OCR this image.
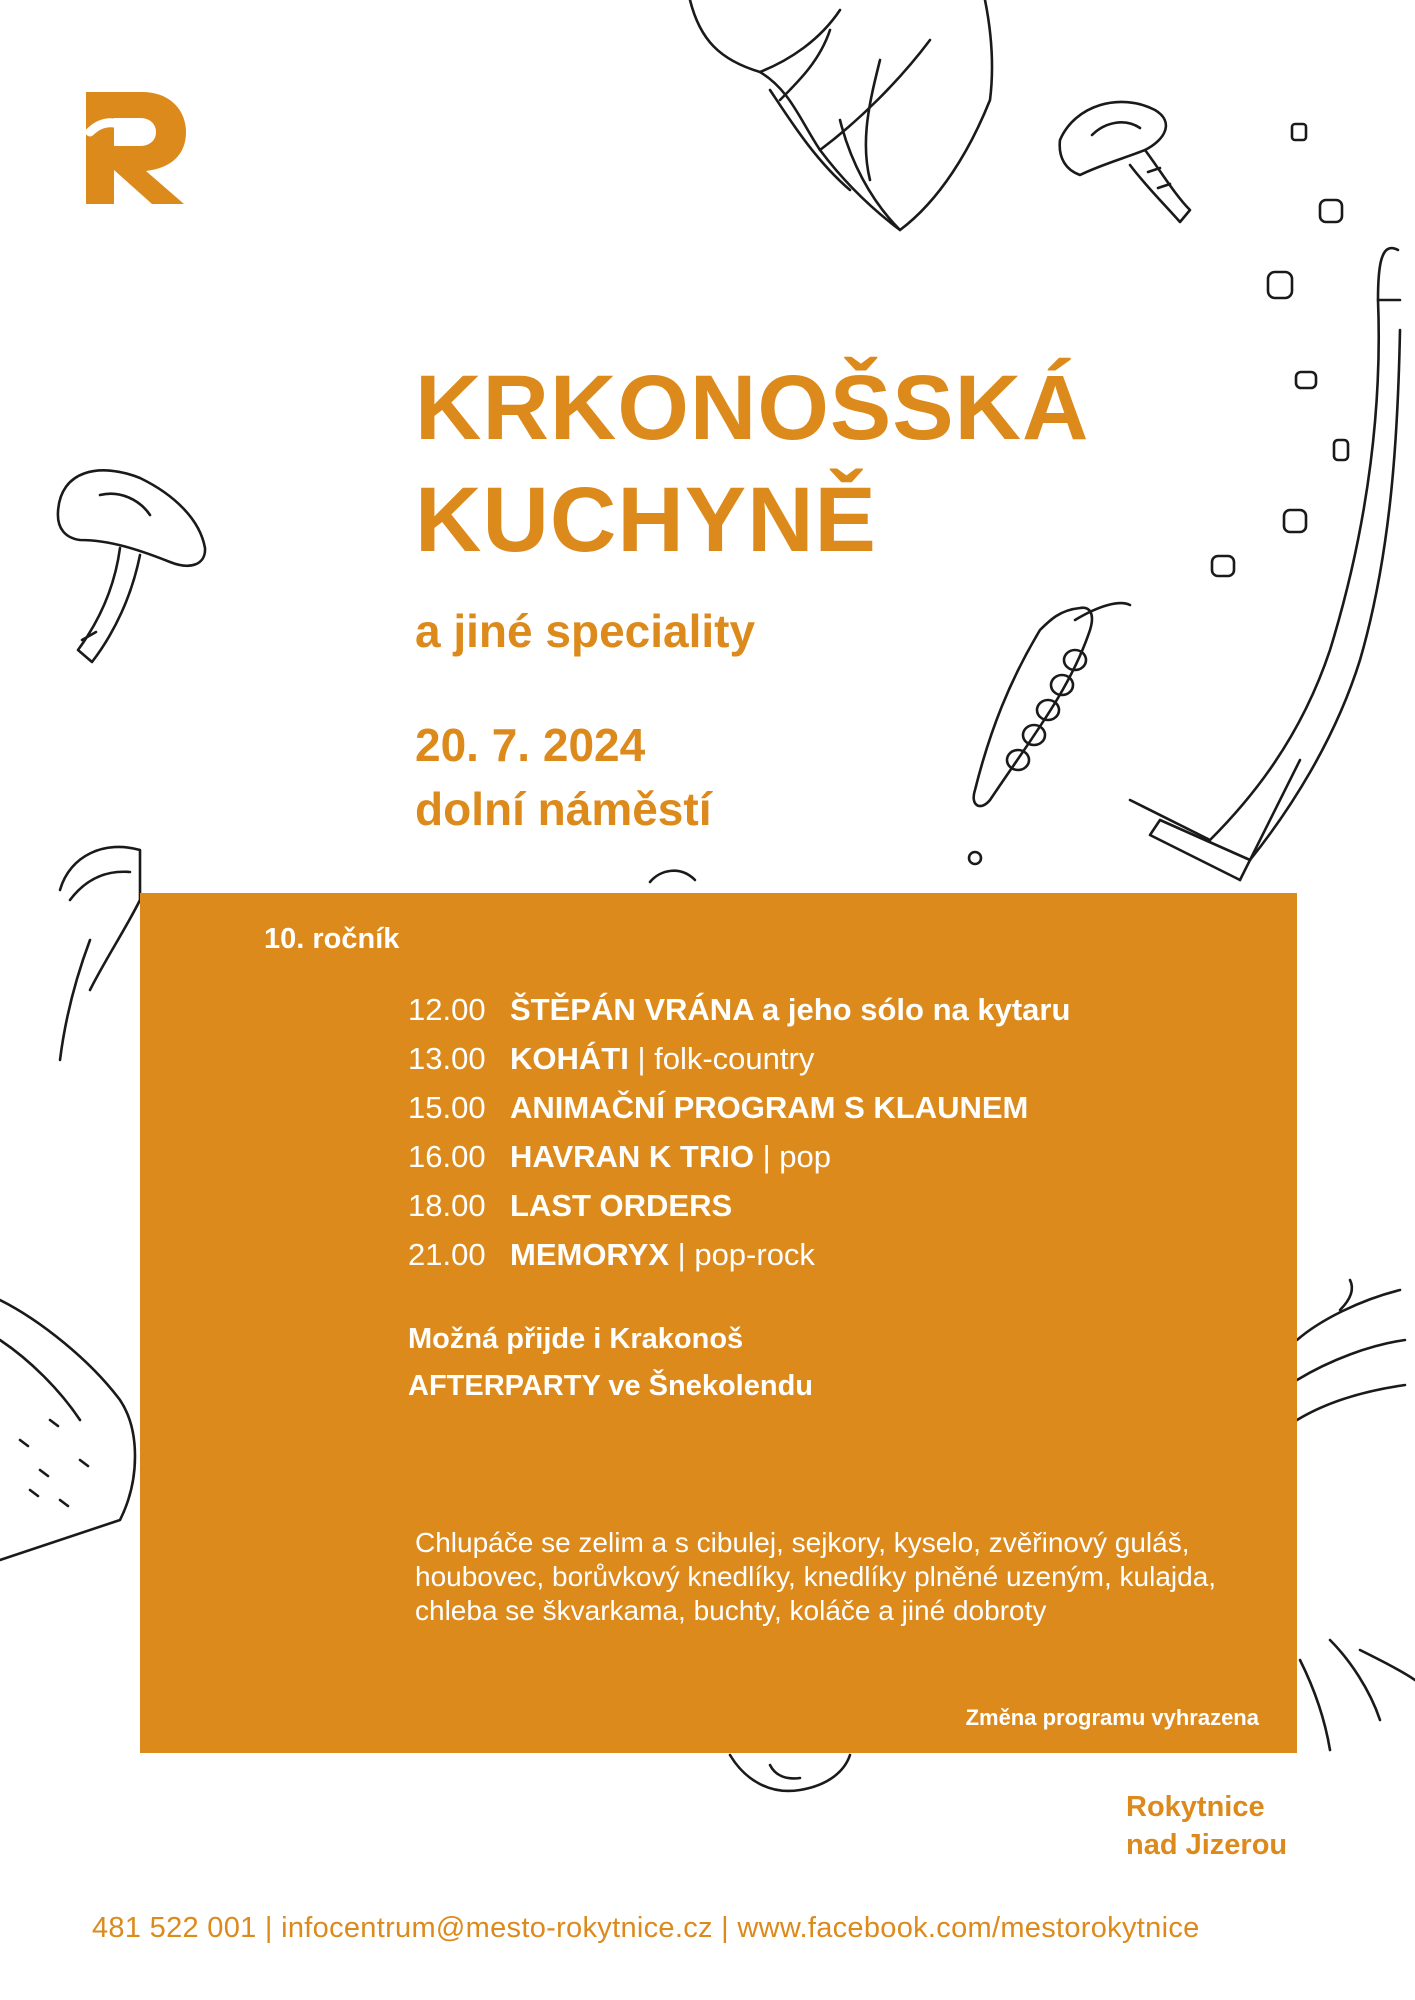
KRKONOŠSKÁ
KUCHYNĚ
a jiné speciality
20. 7. 2024
dolní náměstí
10. ročník
12.00 ŠTĚPÁN VRÁNA a jeho sólo na kytaru
13.00 KOHÁTI | folk-country
15.00 ANIMAČNÍ PROGRAM S KLAUNEM
16.00 HAVRAN K TRIO | pop
18.00 LAST ORDERS
21.00 MEMORYX | pop-rock
Možná přijde i Krakonoš
AFTERPARTY ve Šnekolendu
Chlupáče se zelim a s cibulej, sejkory, kyselo, zvěřinový guláš, houbovec, borůvkový knedlíky, knedlíky plněné uzeným, kulajda, chleba se škvarkama, buchty, koláče a jiné dobroty
Změna programu vyhrazena
Rokytnice
nad Jizerou
481 522 001 | infocentrum@mesto-rokytnice.cz | www.facebook.com/mestorokytnice
